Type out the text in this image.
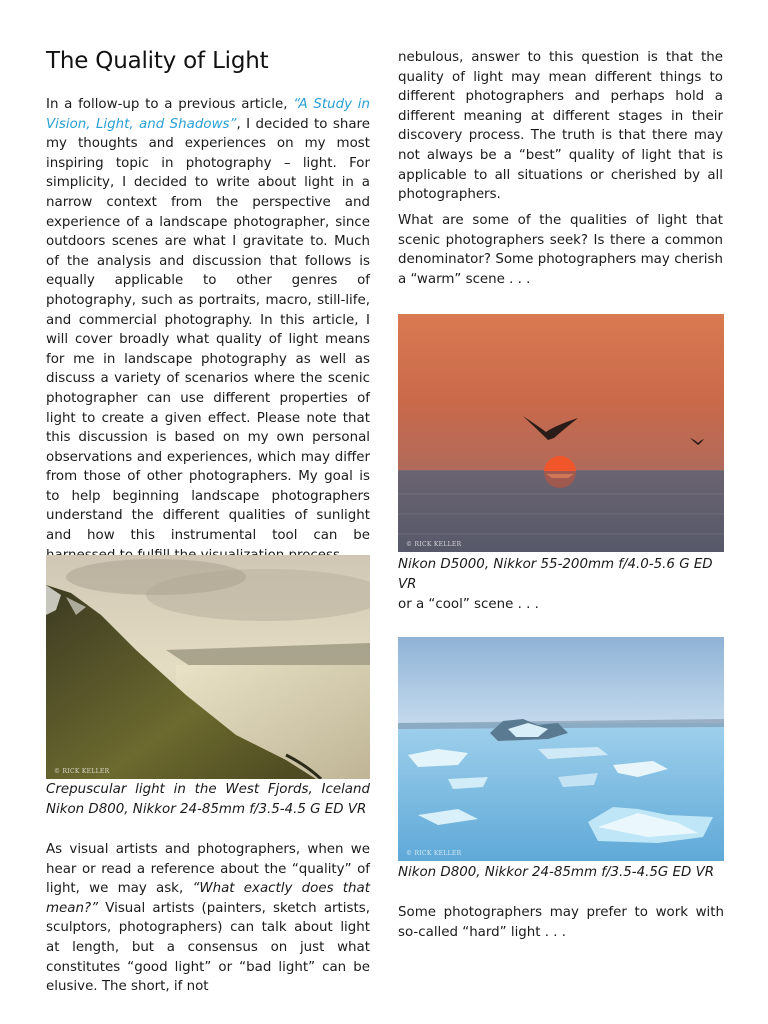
The Quality of Light

In a follow-up to a previous article, “A Study in Vision, Light, and Shadows”, I decided to share my thoughts and experiences on my most inspiring topic in photography – light. For simplicity, I decided to write about light in a narrow context from the perspective and experience of a landscape photographer, since outdoors scenes are what I gravitate to. Much of the analysis and discussion that follows is equally applicable to other genres of photography, such as portraits, macro, still-life, and commercial photography. In this article, I will cover broadly what quality of light means for me in landscape photography as well as discuss a variety of scenarios where the scenic photographer can use different properties of light to create a given effect. Please note that this discussion is based on my own personal observations and experiences, which may differ from those of other photographers. My goal is to help beginning landscape photographers understand the different qualities of sunlight and how this instrumental tool can be

© RICK KELLER
Crepuscular light in the West Fjords, Iceland
Nikon D800, Nikkor 24-85mm f/3.5-4.5 G ED VR

As visual artists and photographers, when we hear or read a reference about the “quality” of light, we may ask, “What exactly does that mean?” Visual artists (painters, sketch artists, sculptors, photographers) can talk about light at length, but a consensus on just what constitutes “good light” or “bad light” can be elusive. The short, if not

nebulous, answer to this question is that the quality of light may mean different things to different photographers and perhaps hold a different meaning at different stages in their discovery process. The truth is that there may not always be a “best” quality of light that is applicable to all situations or cherished by all photographers.

What are some of the qualities of light that scenic photographers seek? Is there a common denominator? Some photographers may cherish a “warm” scene . . .

© RICK KELLER
Nikon D5000, Nikkor 55-200mm f/4.0-5.6 G ED VR

or a “cool” scene . . .

© RICK KELLER
Nikon D800, Nikkor 24-85mm f/3.5-4.5G ED VR

Some photographers may prefer to work with so-called “hard” light . . .
